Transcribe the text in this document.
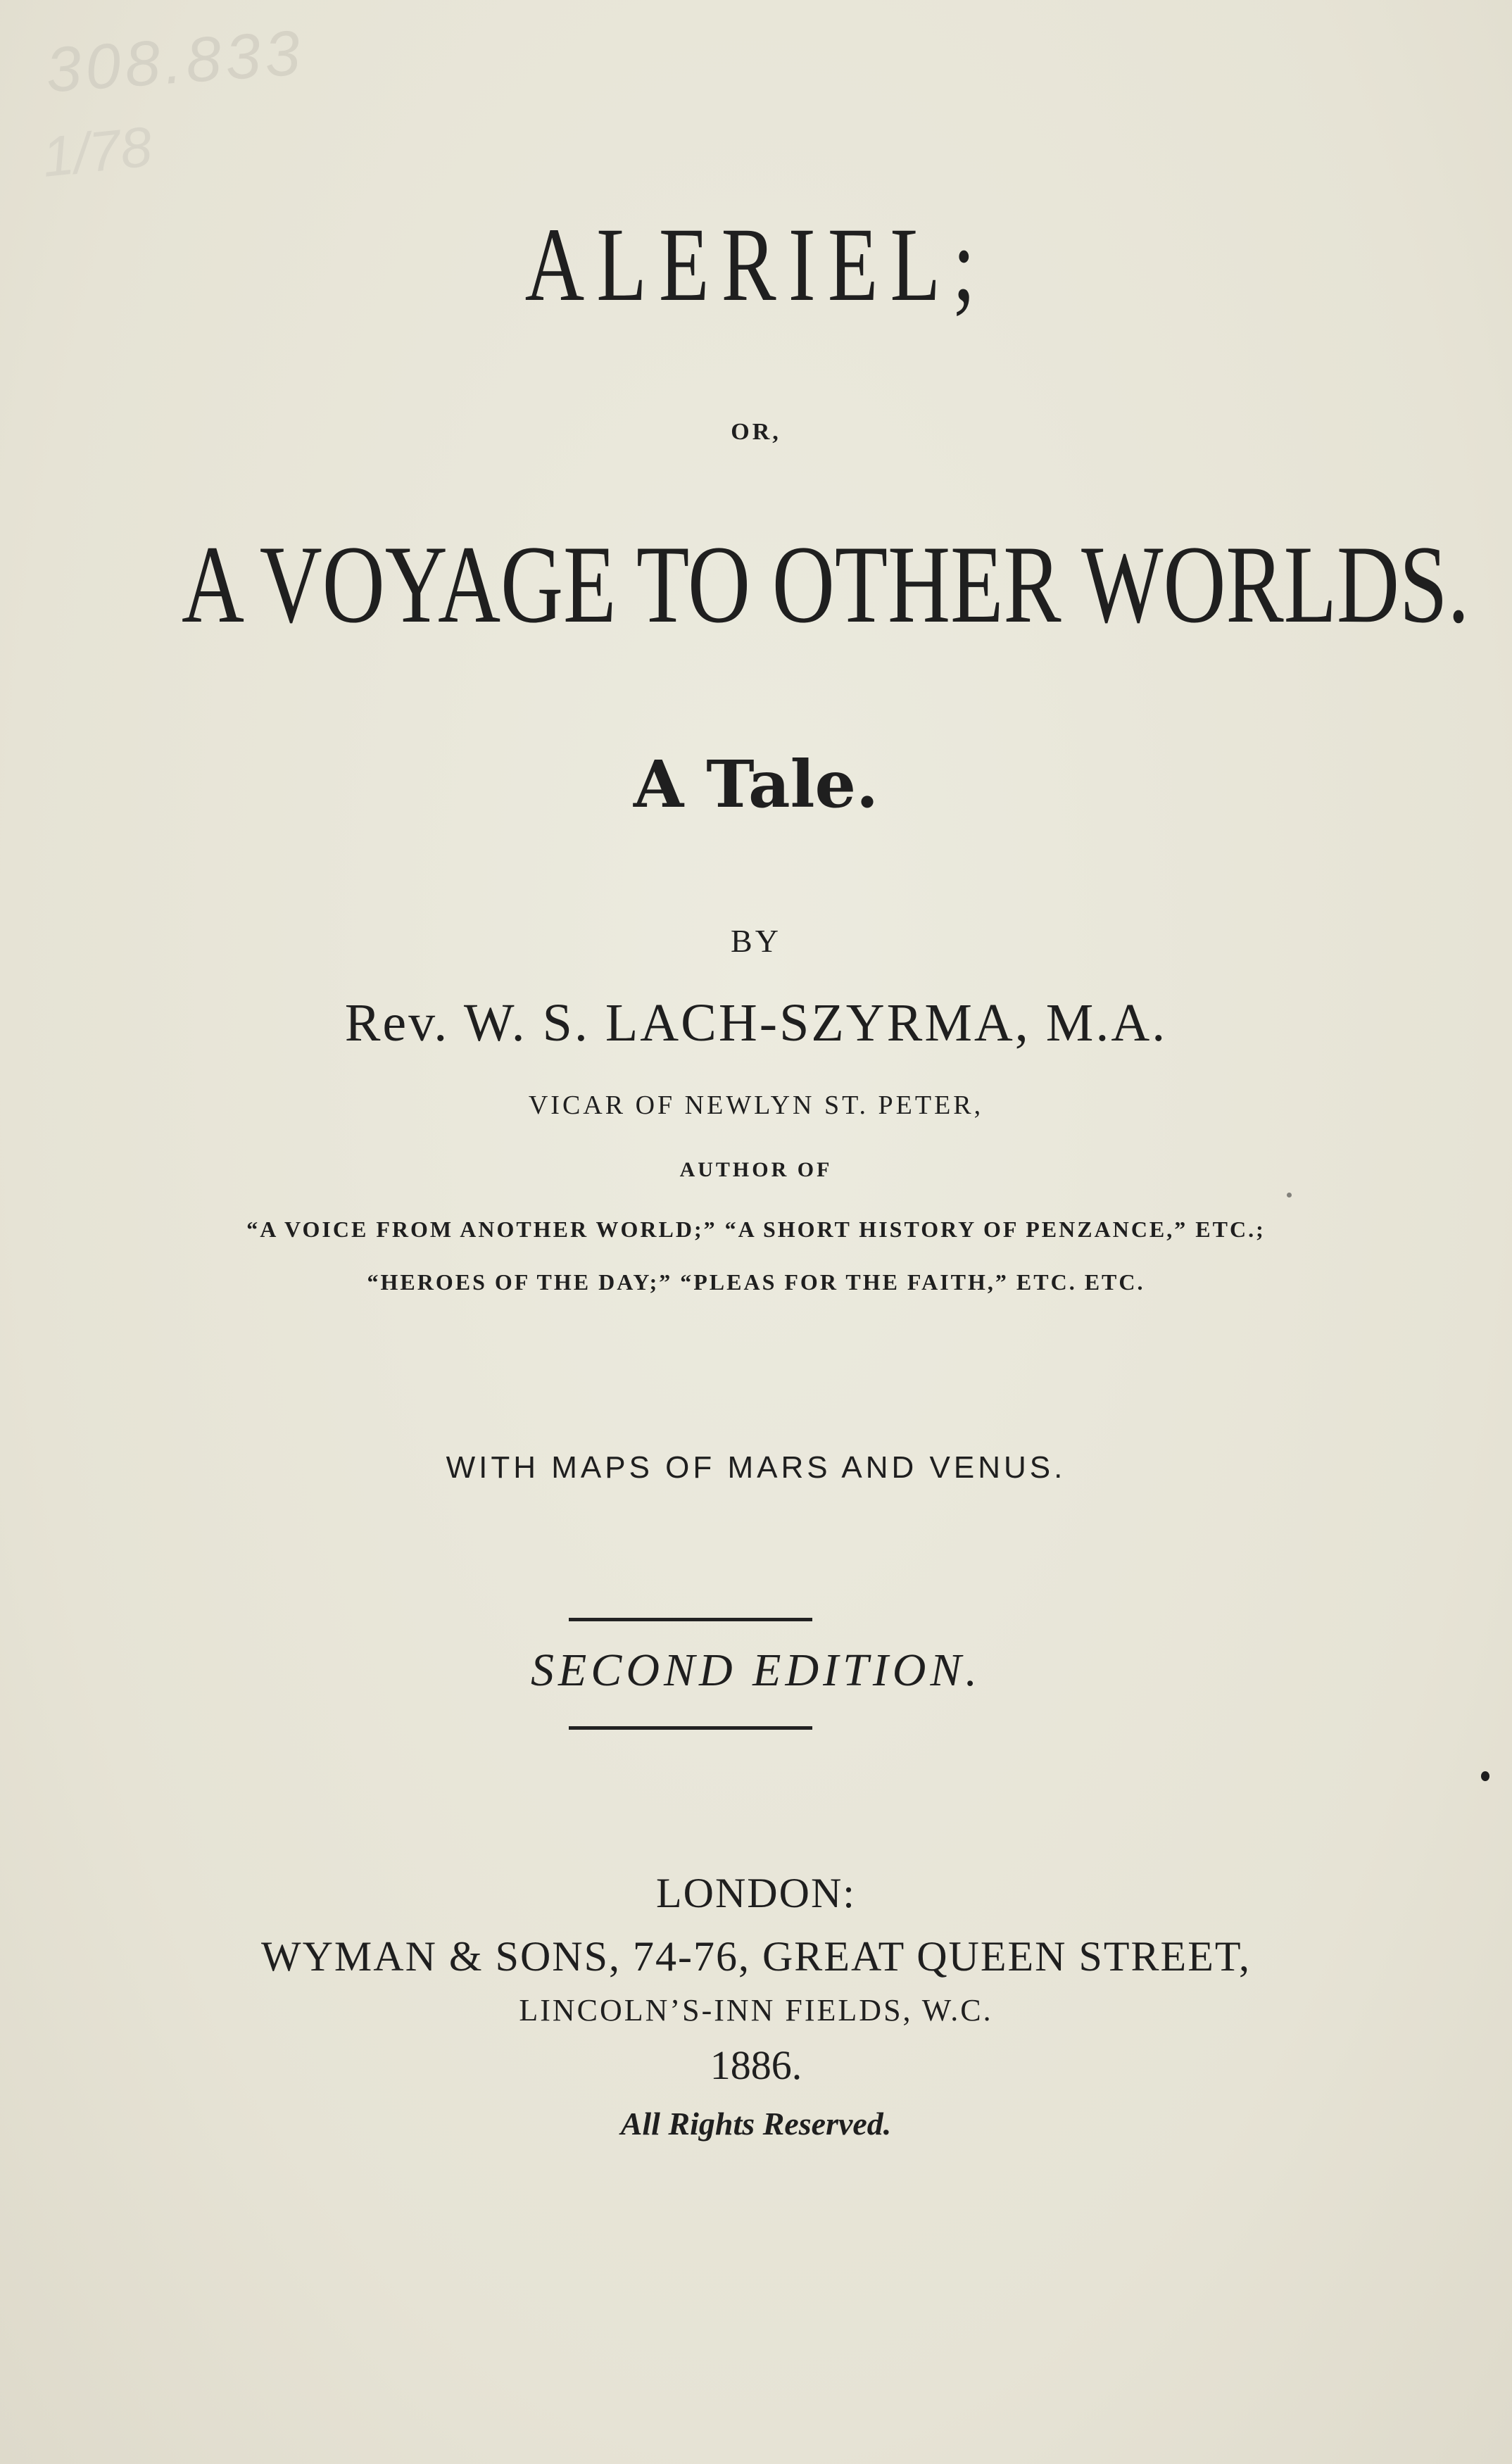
308.833
1/78
ALERIEL;
OR,
A VOYAGE TO OTHER WORLDS.
A Tale.
BY
Rev. W. S. LACH-SZYRMA, M.A.
VICAR OF NEWLYN ST. PETER,
AUTHOR OF
“A VOICE FROM ANOTHER WORLD;” “A SHORT HISTORY OF PENZANCE,” ETC.;
“HEROES OF THE DAY;” “PLEAS FOR THE FAITH,” ETC. ETC.
WITH MAPS OF MARS AND VENUS.
SECOND EDITION.
LONDON:
WYMAN & SONS, 74-76, GREAT QUEEN STREET,
LINCOLN’S-INN FIELDS, W.C.
1886.
All Rights Reserved.
